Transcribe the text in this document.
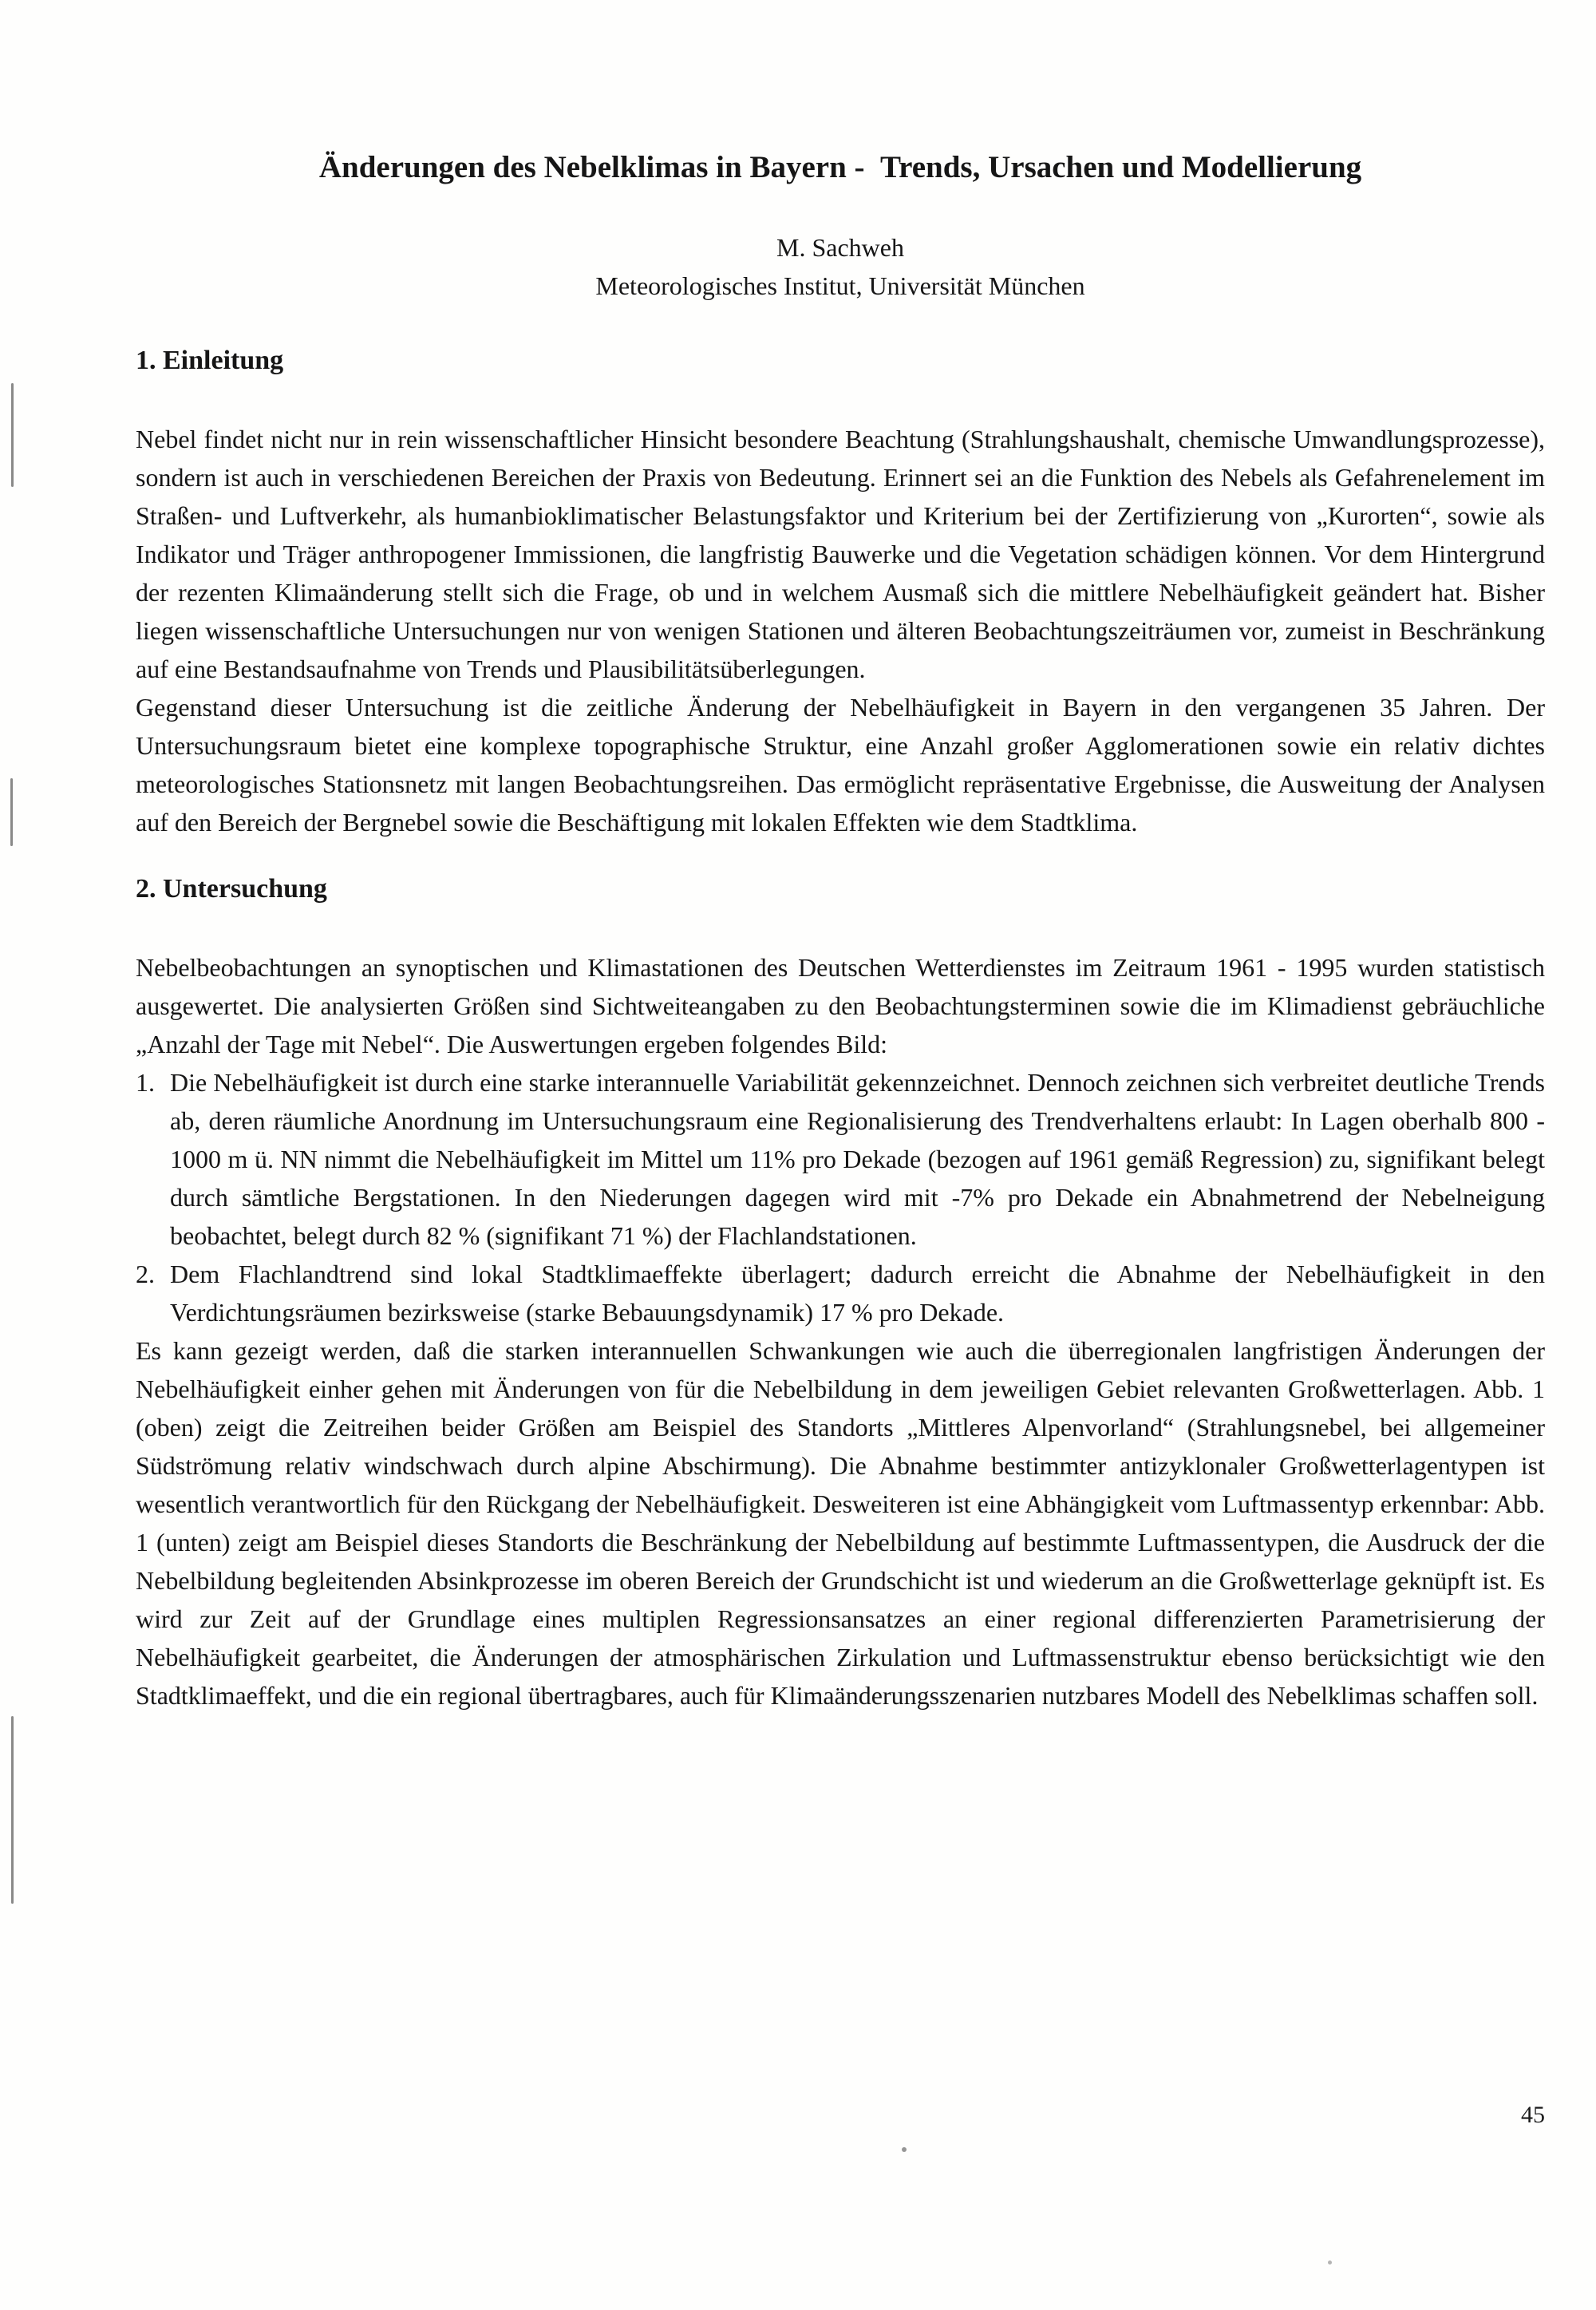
Änderungen des Nebelklimas in Bayern -  Trends, Ursachen und Modellierung

M. Sachweh

Meteorologisches Institut, Universität München

1. Einleitung

Nebel findet nicht nur in rein wissenschaftlicher Hinsicht besondere Beachtung (Strahlungshaushalt, chemische Umwandlungsprozesse), sondern ist auch in verschiedenen Bereichen der Praxis von Bedeutung. Erinnert sei an die Funktion des Nebels als Gefahrenelement im Straßen- und Luftverkehr, als humanbioklimatischer Belastungsfaktor und Kriterium bei der Zertifizierung von „Kurorten“, sowie als Indikator und Träger anthropogener Immissionen, die langfristig Bauwerke und die Vegetation schädigen können. Vor dem Hintergrund der rezenten Klimaänderung stellt sich die Frage, ob und in welchem Ausmaß sich die mittlere Nebelhäufigkeit geändert hat. Bisher liegen wissenschaftliche Untersuchungen nur von wenigen Stationen und älteren Beobachtungszeiträumen vor, zumeist in Beschränkung auf eine Bestandsaufnahme von Trends und Plausibilitätsüberlegungen.

Gegenstand dieser Untersuchung ist die zeitliche Änderung der Nebelhäufigkeit in Bayern in den vergangenen 35 Jahren. Der Untersuchungsraum bietet eine komplexe topographische Struktur, eine Anzahl großer Agglomerationen sowie ein relativ dichtes meteorologisches Stationsnetz mit langen Beobachtungsreihen. Das ermöglicht repräsentative Ergebnisse, die Ausweitung der Analysen auf den Bereich der Bergnebel sowie die Beschäftigung mit lokalen Effekten wie dem Stadtklima.

2. Untersuchung

Nebelbeobachtungen an synoptischen und Klimastationen des Deutschen Wetterdienstes im Zeitraum 1961 - 1995 wurden statistisch ausgewertet. Die analysierten Größen sind Sichtweiteangaben zu den Beobachtungsterminen sowie die im Klimadienst gebräuchliche „Anzahl der Tage mit Nebel“. Die Auswertungen ergeben folgendes Bild:

1. Die Nebelhäufigkeit ist durch eine starke interannuelle Variabilität gekennzeichnet. Dennoch zeichnen sich verbreitet deutliche Trends ab, deren räumliche Anordnung im Untersuchungsraum eine Regionalisierung des Trendverhaltens erlaubt: In Lagen oberhalb 800 - 1000 m ü. NN nimmt die Nebelhäufigkeit im Mittel um 11% pro Dekade (bezogen auf 1961 gemäß Regression) zu, signifikant belegt durch sämtliche Bergstationen. In den Niederungen dagegen wird mit -7% pro Dekade ein Abnahmetrend der Nebelneigung beobachtet, belegt durch 82 % (signifikant 71 %) der Flachlandstationen.
2. Dem Flachlandtrend sind lokal Stadtklimaeffekte überlagert; dadurch erreicht die Abnahme der Nebelhäufigkeit in den Verdichtungsräumen bezirksweise (starke Bebauungsdynamik) 17 % pro Dekade.

Es kann gezeigt werden, daß die starken interannuellen Schwankungen wie auch die überregionalen langfristigen Änderungen der Nebelhäufigkeit einher gehen mit Änderungen von für die Nebelbildung in dem jeweiligen Gebiet relevanten Großwetterlagen. Abb. 1 (oben) zeigt die Zeitreihen beider Größen am Beispiel des Standorts „Mittleres Alpenvorland“ (Strahlungsnebel, bei allgemeiner Südströmung relativ windschwach durch alpine Abschirmung). Die Abnahme bestimmter antizyklonaler Großwetterlagentypen ist wesentlich verantwortlich für den Rückgang der Nebelhäufigkeit. Desweiteren ist eine Abhängigkeit vom Luftmassentyp erkennbar: Abb. 1 (unten) zeigt am Beispiel dieses Standorts die Beschränkung der Nebelbildung auf bestimmte Luftmassentypen, die Ausdruck der die Nebelbildung begleitenden Absinkprozesse im oberen Bereich der Grundschicht ist und wiederum an die Großwetterlage geknüpft ist. Es wird zur Zeit auf der Grundlage eines multiplen Regressionsansatzes an einer regional differenzierten Parametrisierung der Nebelhäufigkeit gearbeitet, die Änderungen der atmosphärischen Zirkulation und Luftmassenstruktur ebenso berücksichtigt wie den Stadtklimaeffekt, und die ein regional übertragbares, auch für Klimaänderungsszenarien nutzbares Modell des Nebelklimas schaffen soll.

45
